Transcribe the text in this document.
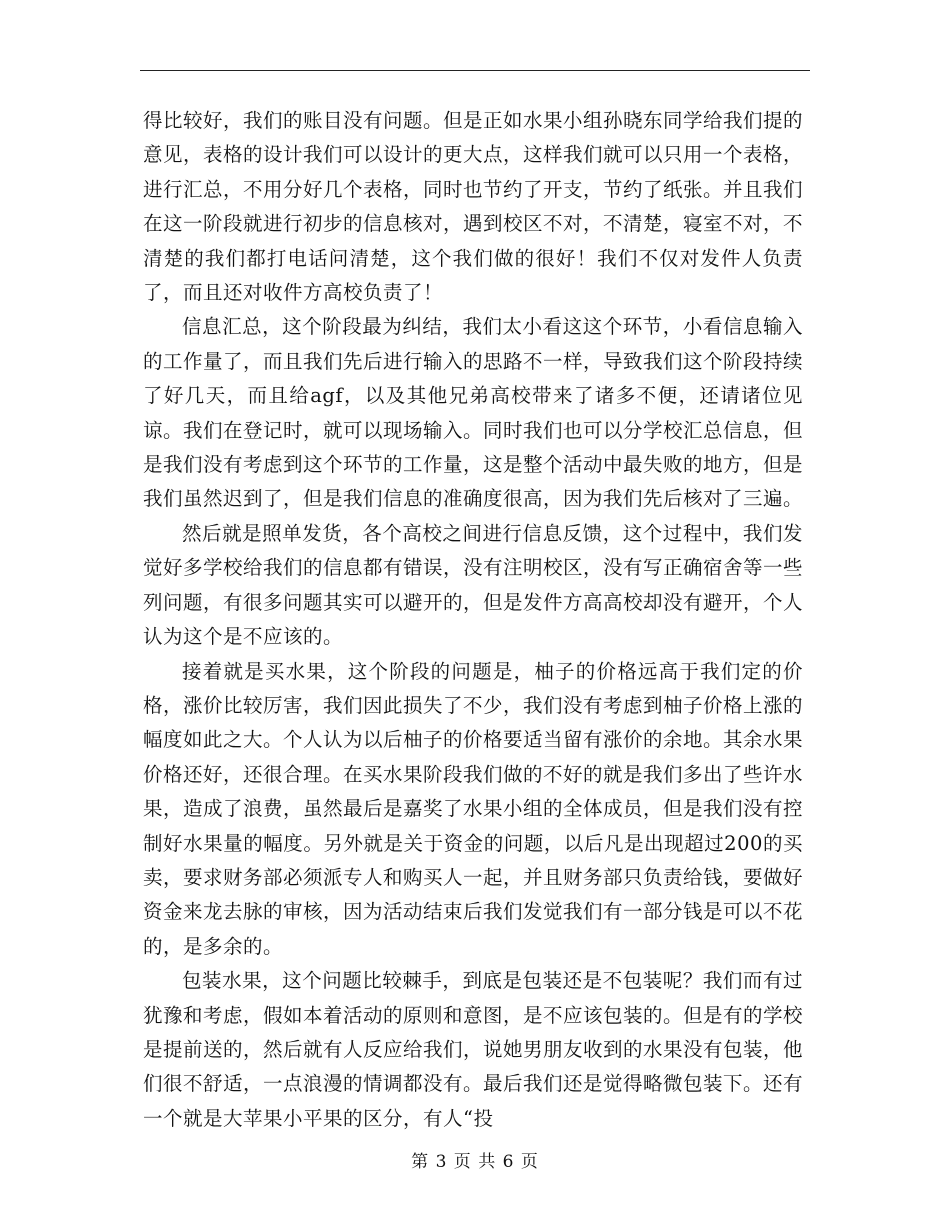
得比较好，我们的账目没有问题。但是正如水果小组孙晓东同学给我们提的意见，表格的设计我们可以设计的更大点，这样我们就可以只用一个表格，进行汇总，不用分好几个表格，同时也节约了开支，节约了纸张。并且我们在这一阶段就进行初步的信息核对，遇到校区不对，不清楚，寝室不对，不清楚的我们都打电话问清楚，这个我们做的很好！我们不仅对发件人负责了，而且还对收件方高校负责了！

信息汇总，这个阶段最为纠结，我们太小看这这个环节，小看信息输入的工作量了，而且我们先后进行输入的思路不一样，导致我们这个阶段持续了好几天，而且给agf，以及其他兄弟高校带来了诸多不便，还请诸位见谅。我们在登记时，就可以现场输入。同时我们也可以分学校汇总信息，但是我们没有考虑到这个环节的工作量，这是整个活动中最失败的地方，但是我们虽然迟到了，但是我们信息的准确度很高，因为我们先后核对了三遍。

然后就是照单发货，各个高校之间进行信息反馈，这个过程中，我们发觉好多学校给我们的信息都有错误，没有注明校区，没有写正确宿舍等一些列问题，有很多问题其实可以避开的，但是发件方高高校却没有避开，个人认为这个是不应该的。

接着就是买水果，这个阶段的问题是，柚子的价格远高于我们定的价格，涨价比较厉害，我们因此损失了不少，我们没有考虑到柚子价格上涨的幅度如此之大。个人认为以后柚子的价格要适当留有涨价的余地。其余水果价格还好，还很合理。在买水果阶段我们做的不好的就是我们多出了些许水果，造成了浪费，虽然最后是嘉奖了水果小组的全体成员，但是我们没有控制好水果量的幅度。另外就是关于资金的问题，以后凡是出现超过200的买卖，要求财务部必须派专人和购买人一起，并且财务部只负责给钱，要做好资金来龙去脉的审核，因为活动结束后我们发觉我们有一部分钱是可以不花的，是多余的。

包装水果，这个问题比较棘手，到底是包装还是不包装呢？我们而有过犹豫和考虑，假如本着活动的原则和意图，是不应该包装的。但是有的学校是提前送的，然后就有人反应给我们，说她男朋友收到的水果没有包装，他们很不舒适，一点浪漫的情调都没有。最后我们还是觉得略微包装下。还有一个就是大苹果小平果的区分，有人“投

第 3 页 共 6 页
